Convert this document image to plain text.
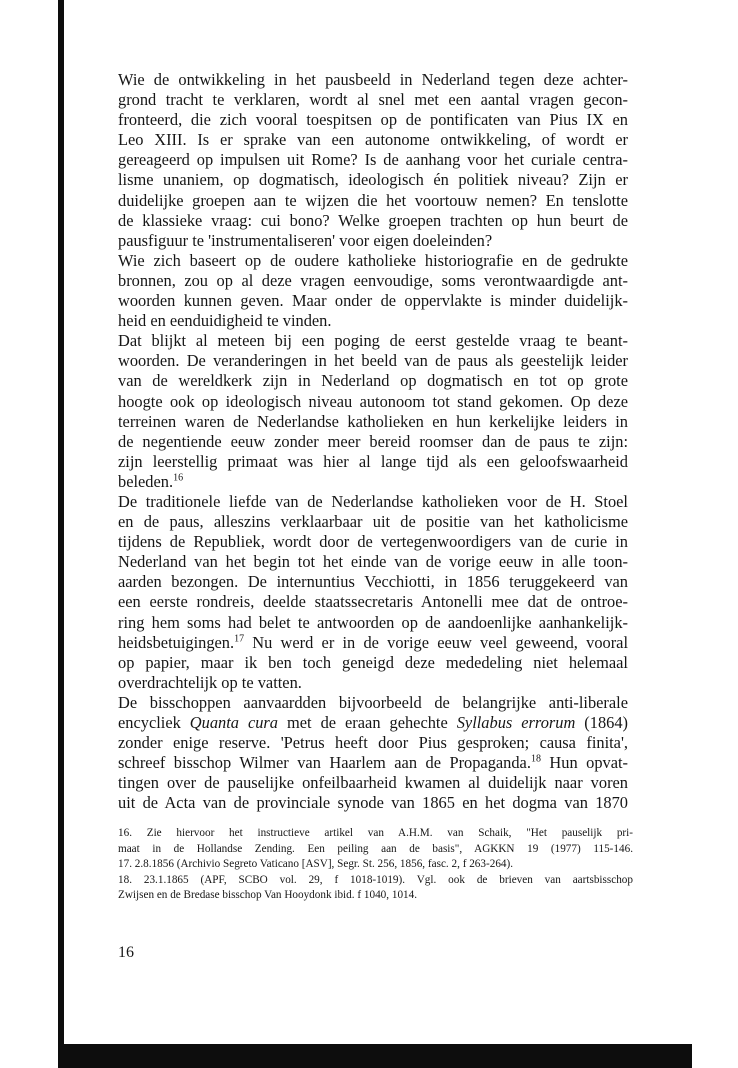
Wie de ontwikkeling in het pausbeeld in Nederland tegen deze achter-
grond tracht te verklaren, wordt al snel met een aantal vragen gecon-
fronteerd, die zich vooral toespitsen op de pontificaten van Pius IX en
Leo XIII. Is er sprake van een autonome ontwikkeling, of wordt er
gereageerd op impulsen uit Rome? Is de aanhang voor het curiale centra-
lisme unaniem, op dogmatisch, ideologisch én politiek niveau? Zijn er
duidelijke groepen aan te wijzen die het voortouw nemen? En tenslotte
de klassieke vraag: cui bono? Welke groepen trachten op hun beurt de
pausfiguur te 'instrumentaliseren' voor eigen doeleinden?

Wie zich baseert op de oudere katholieke historiografie en de gedrukte
bronnen, zou op al deze vragen eenvoudige, soms verontwaardigde ant-
woorden kunnen geven. Maar onder de oppervlakte is minder duidelijk-
heid en eenduidigheid te vinden.

Dat blijkt al meteen bij een poging de eerst gestelde vraag te beant-
woorden. De veranderingen in het beeld van de paus als geestelijk leider
van de wereldkerk zijn in Nederland op dogmatisch en tot op grote
hoogte ook op ideologisch niveau autonoom tot stand gekomen. Op deze
terreinen waren de Nederlandse katholieken en hun kerkelijke leiders in
de negentiende eeuw zonder meer bereid roomser dan de paus te zijn:
zijn leerstellig primaat was hier al lange tijd als een geloofswaarheid
beleden.$^{16}$

De traditionele liefde van de Nederlandse katholieken voor de H. Stoel
en de paus, alleszins verklaarbaar uit de positie van het katholicisme
tijdens de Republiek, wordt door de vertegenwoordigers van de curie in
Nederland van het begin tot het einde van de vorige eeuw in alle toon-
aarden bezongen. De internuntius Vecchiotti, in 1856 teruggekeerd van
een eerste rondreis, deelde staatssecretaris Antonelli mee dat de ontroe-
ring hem soms had belet te antwoorden op de aandoenlijke aanhankelijk-
heidsbetuigingen.$^{17}$ Nu werd er in de vorige eeuw veel geweend, vooral
op papier, maar ik ben toch geneigd deze mededeling niet helemaal
overdrachtelijk op te vatten.

De bisschoppen aanvaardden bijvoorbeeld de belangrijke anti-liberale
encycliek Quanta cura met de eraan gehechte Syllabus errorum (1864)
zonder enige reserve. 'Petrus heeft door Pius gesproken; causa finita',
schreef bisschop Wilmer van Haarlem aan de Propaganda.$^{18}$ Hun opvat-
tingen over de pauselijke onfeilbaarheid kwamen al duidelijk naar voren
uit de Acta van de provinciale synode van 1865 en het dogma van 1870

16. Zie hiervoor het instructieve artikel van A.H.M. van Schaik, "Het pauselijk pri-
maat in de Hollandse Zending. Een peiling aan de basis", AGKKN 19 (1977) 115-146.

17. 2.8.1856 (Archivio Segreto Vaticano [ASV], Segr. St. 256, 1856, fasc. 2, f 263-264).

18. 23.1.1865 (APF, SCBO vol. 29, f 1018-1019). Vgl. ook de brieven van aartsbisschop
Zwijsen en de Bredase bisschop Van Hooydonk ibid. f 1040, 1014.

16
